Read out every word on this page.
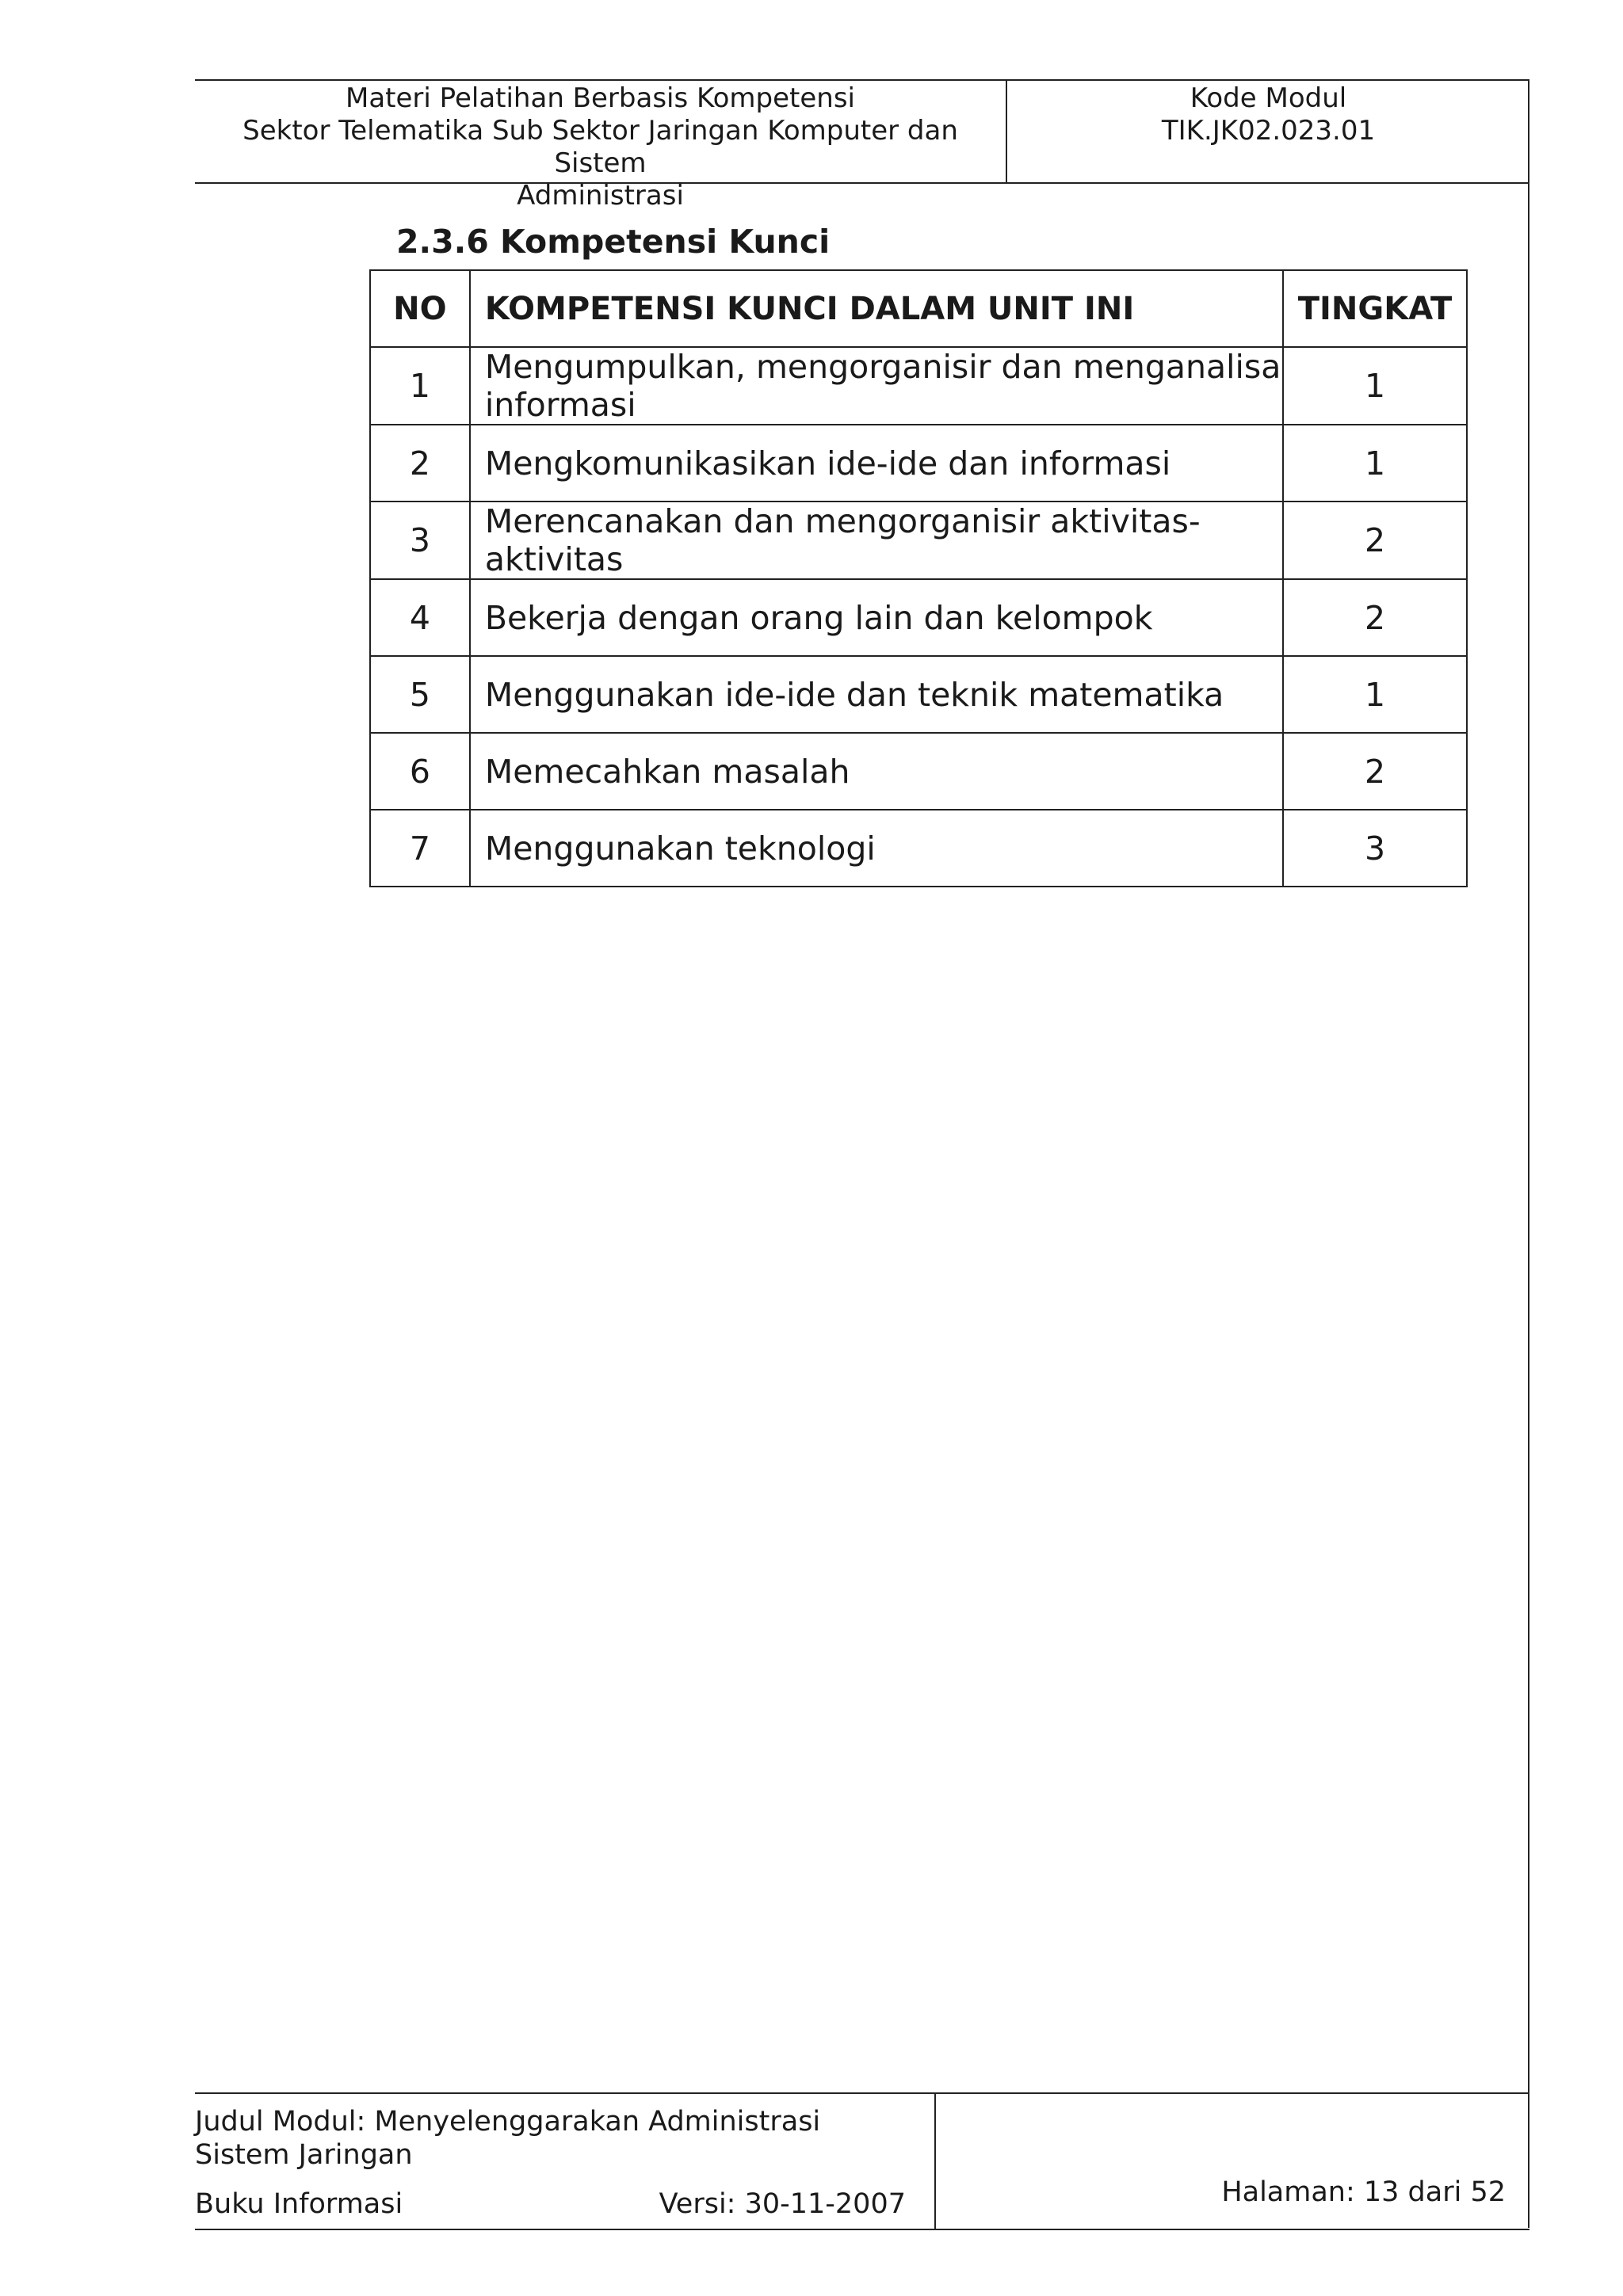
Materi Pelatihan Berbasis Kompetensi
Sektor Telematika Sub Sektor Jaringan Komputer dan Sistem
Administrasi
Kode Modul
TIK.JK02.023.01
2.3.6 Kompetensi Kunci
NO	KOMPETENSI KUNCI DALAM UNIT INI	TINGKAT
1	Mengumpulkan, mengorganisir dan menganalisa informasi	1
2	Mengkomunikasikan ide-ide dan informasi	1
3	Merencanakan dan mengorganisir aktivitas-aktivitas	2
4	Bekerja dengan orang lain dan kelompok	2
5	Menggunakan ide-ide dan teknik matematika	1
6	Memecahkan masalah	2
7	Menggunakan teknologi	3
Judul Modul: Menyelenggarakan Administrasi Sistem Jaringan
Buku Informasi	Versi: 30-11-2007	Halaman: 13 dari 52
